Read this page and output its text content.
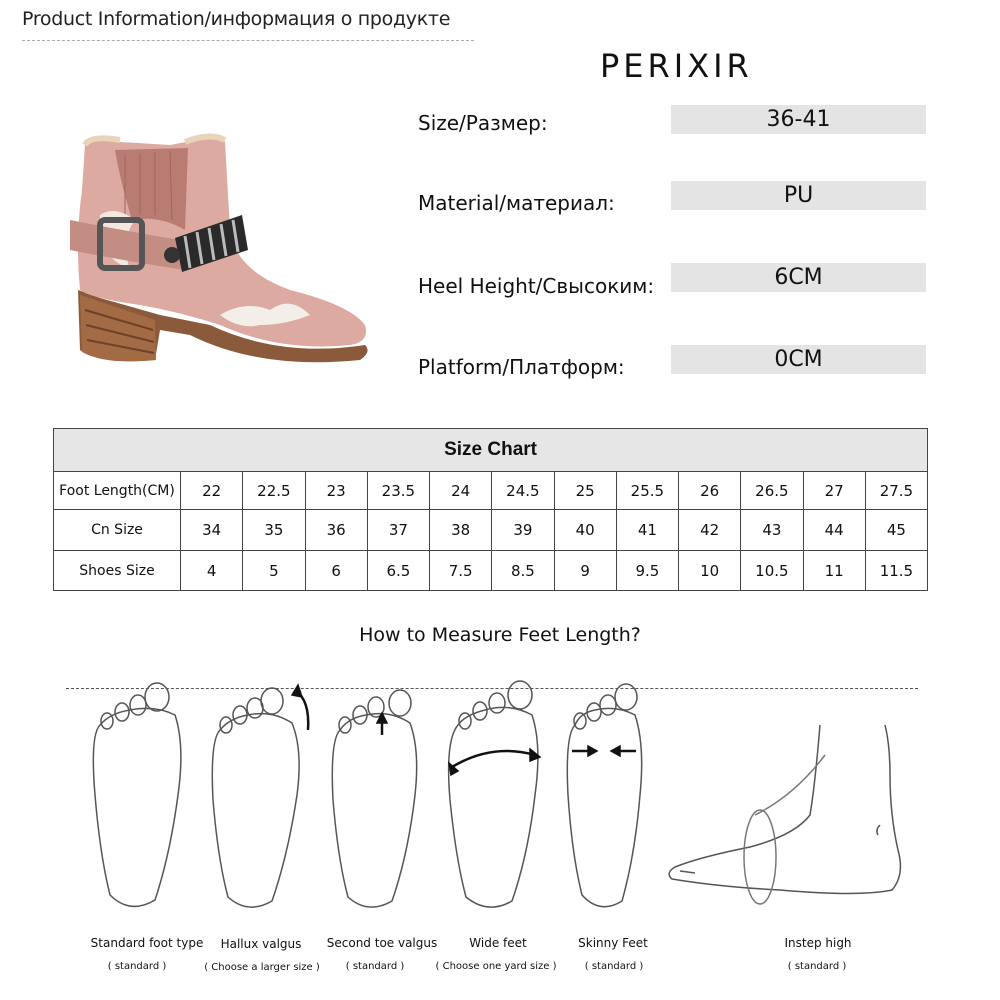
Product Information/информация о продукте
PERIXIR
Size/Размер:	36-41
Material/материал:	PU
Heel Height/Свысоким:	6CM
Platform/Платформ:	0CM
Size Chart												
Foot Length(CM)	22	22.5	23	23.5	24	24.5	25	25.5	26	26.5	27	27.5
Cn Size	34	35	36	37	38	39	40	41	42	43	44	45
Shoes Size	4	5	6	6.5	7.5	8.5	9	9.5	10	10.5	11	11.5
How to Measure Feet Length?
Standard foot type
( standard )
Hallux valgus
( Choose a larger size )
Second toe valgus
( standard )
Wide feet
( Choose one yard size )
Skinny Feet
( standard )
Instep high
( standard )
